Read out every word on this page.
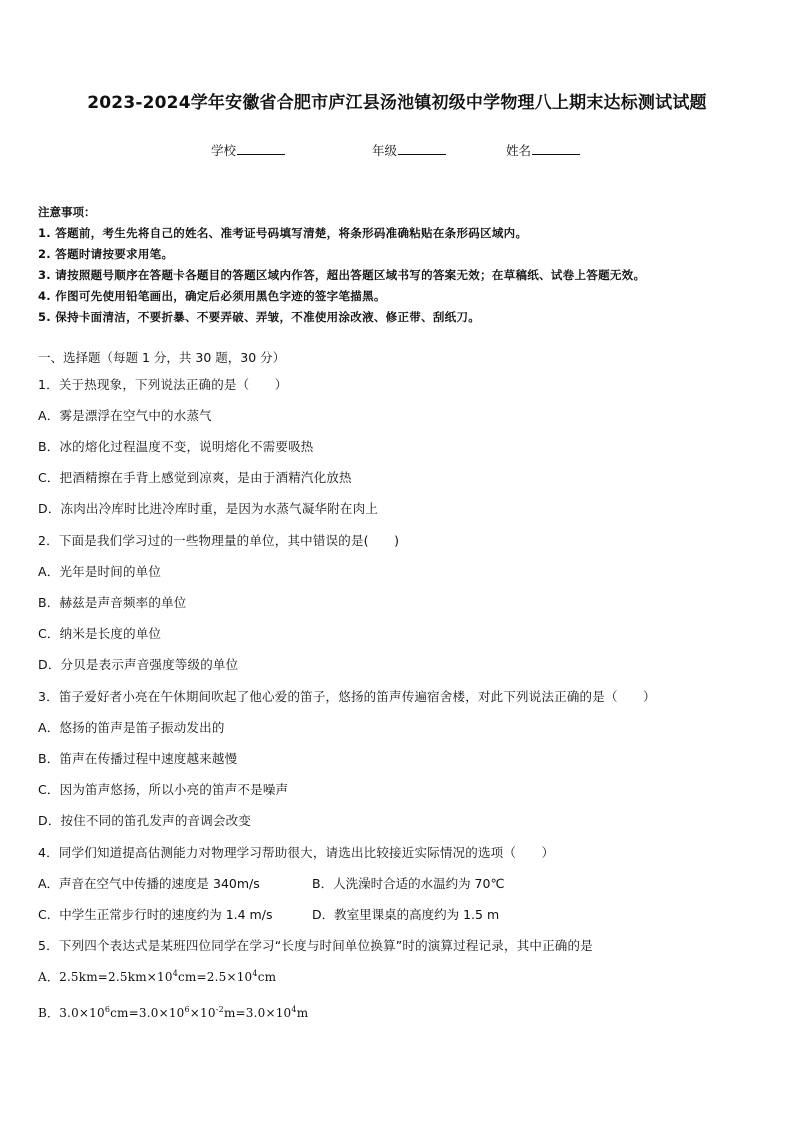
2023-2024学年安徽省合肥市庐江县汤池镇初级中学物理八上期末达标测试试题
学校	年级	姓名
注意事项：
1. 答题前，考生先将自己的姓名、准考证号码填写清楚，将条形码准确粘贴在条形码区域内。
2. 答题时请按要求用笔。
3. 请按照题号顺序在答题卡各题目的答题区域内作答，超出答题区域书写的答案无效；在草稿纸、试卷上答题无效。
4. 作图可先使用铅笔画出，确定后必须用黑色字迹的签字笔描黑。
5. 保持卡面清洁，不要折暴、不要弄破、弄皱，不准使用涂改液、修正带、刮纸刀。
一、选择题（每题 1 分，共 30 题，30 分）
1．关于热现象，下列说法正确的是（　　）
A．雾是漂浮在空气中的水蒸气
B．冰的熔化过程温度不变，说明熔化不需要吸热
C．把酒精擦在手背上感觉到凉爽，是由于酒精汽化放热
D．冻肉出冷库时比进冷库时重，是因为水蒸气凝华附在肉上
2．下面是我们学习过的一些物理量的单位，其中错误的是(　　)
A．光年是时间的单位
B．赫兹是声音频率的单位
C．纳米是长度的单位
D．分贝是表示声音强度等级的单位
3．笛子爱好者小亮在午休期间吹起了他心爱的笛子，悠扬的笛声传遍宿舍楼，对此下列说法正确的是（　　）
A．悠扬的笛声是笛子振动发出的
B．笛声在传播过程中速度越来越慢
C．因为笛声悠扬，所以小亮的笛声不是噪声
D．按住不同的笛孔发声的音调会改变
4．同学们知道提高估测能力对物理学习帮助很大，请选出比较接近实际情况的选项（　　）
A．声音在空气中传播的速度是 340m/s	B．人洗澡时合适的水温约为 70℃
C．中学生正常步行时的速度约为 1.4 m/s	D．教室里课桌的高度约为 1.5 m
5．下列四个表达式是某班四位同学在学习“长度与时间单位换算”时的演算过程记录，其中正确的是
A．$2.5km=2.5km\times 10^4cm=2.5\times 10^4cm$
B．$3.0\times 10^6cm=3.0\times 10^6\times 10^{-2}m=3.0\times 10^4m$
